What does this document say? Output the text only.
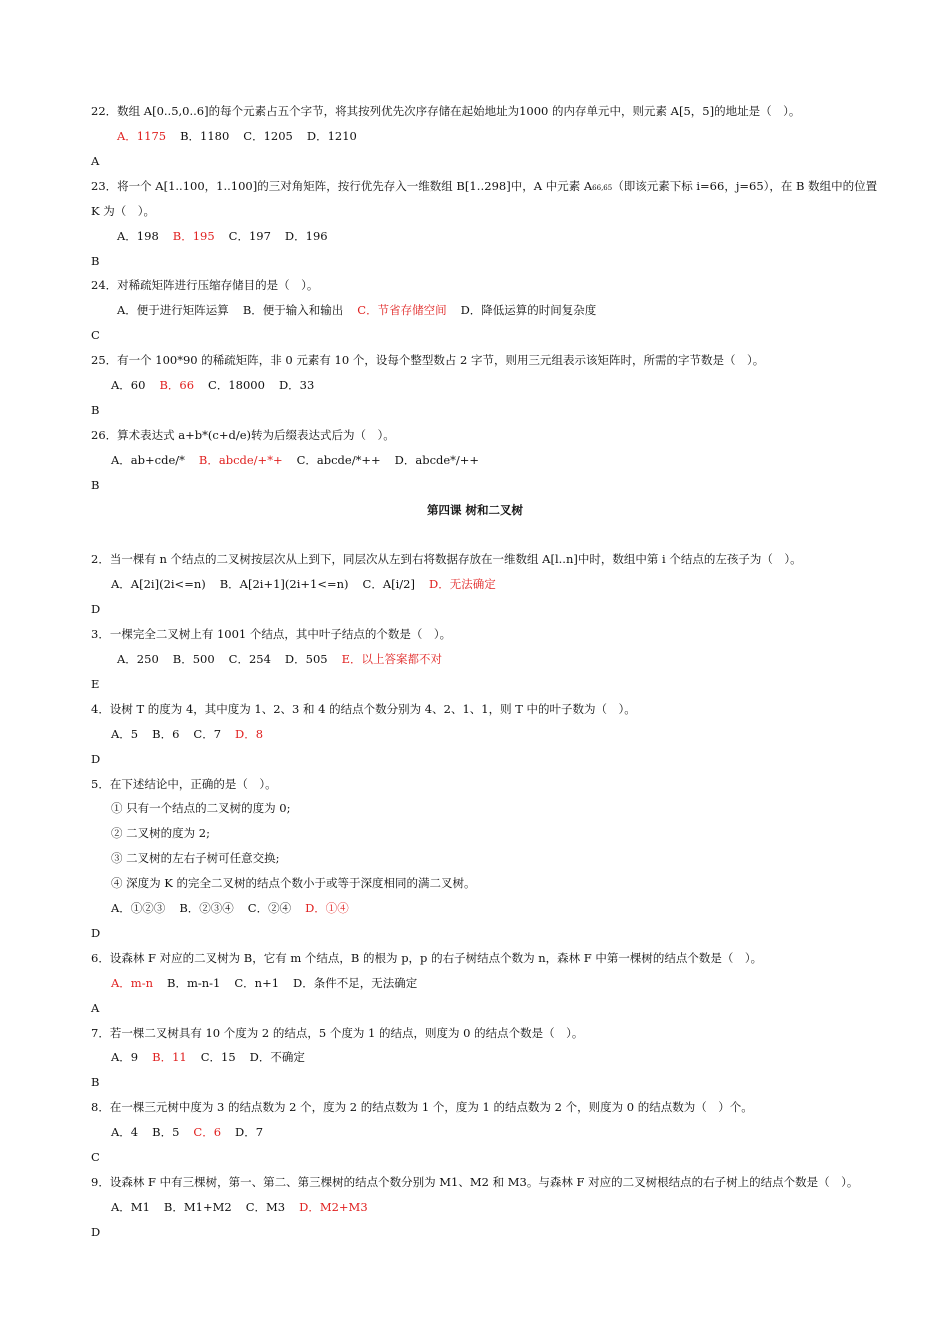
22．数组 A[0..5,0..6]的每个元素占五个字节，将其按列优先次序存储在起始地址为1000 的内存单元中，则元素 A[5，5]的地址是（　）。
A．1175 B．1180 C．1205 D．1210
A
23．将一个 A[1..100，1..100]的三对角矩阵，按行优先存入一维数组 B[1‥298]中，A 中元素 A66,65（即该元素下标 i=66，j=65），在 B 数组中的位置
K 为（　）。
A．198 B．195 C．197 D．196
B
24．对稀疏矩阵进行压缩存储目的是（　）。
A．便于进行矩阵运算 B．便于输入和输出 C．节省存储空间 D．降低运算的时间复杂度
C
25．有一个 100*90 的稀疏矩阵，非 0 元素有 10 个，设每个整型数占 2 字节，则用三元组表示该矩阵时，所需的字节数是（　）。
A．60 B．66 C．18000 D．33
B
26．算术表达式 a+b*(c+d/e)转为后缀表达式后为（　）。
A．ab+cde/* B．abcde/+*+ C．abcde/*++ D．abcde*/++
B
第四课 树和二叉树
2．当一棵有 n 个结点的二叉树按层次从上到下，同层次从左到右将数据存放在一维数组 A[l..n]中时，数组中第 i 个结点的左孩子为（　）。
A．A[2i](2i<=n) B．A[2i+1](2i+1<=n) C．A[i/2] D．无法确定
D
3．一棵完全二叉树上有 1001 个结点，其中叶子结点的个数是（　）。
A．250 B．500 C．254 D．505 E．以上答案都不对
E
4．设树 T 的度为 4，其中度为 1、2、3 和 4 的结点个数分别为 4、2、1、1，则 T 中的叶子数为（　）。
A．5 B．6 C．7 D．8
D
5．在下述结论中，正确的是（　）。
① 只有一个结点的二叉树的度为 0;
② 二叉树的度为 2;
③ 二叉树的左右子树可任意交换;
④ 深度为 K 的完全二叉树的结点个数小于或等于深度相同的满二叉树。
A．①②③ B．②③④ C．②④ D．①④
D
6．设森林 F 对应的二叉树为 B，它有 m 个结点，B 的根为 p，p 的右子树结点个数为 n，森林 F 中第一棵树的结点个数是（　）。
A．m-n B．m-n-1 C．n+1 D．条件不足，无法确定
A
7．若一棵二叉树具有 10 个度为 2 的结点，5 个度为 1 的结点，则度为 0 的结点个数是（　）。
A．9 B．11 C．15 D．不确定
B
8．在一棵三元树中度为 3 的结点数为 2 个，度为 2 的结点数为 1 个，度为 1 的结点数为 2 个，则度为 0 的结点数为（　）个。
A．4 B．5 C．6 D．7
C
9．设森林 F 中有三棵树，第一、第二、第三棵树的结点个数分别为 M1、M2 和 M3。与森林 F 对应的二叉树根结点的右子树上的结点个数是（　）。
A．M1 B．M1+M2 C．M3 D．M2+M3
D
